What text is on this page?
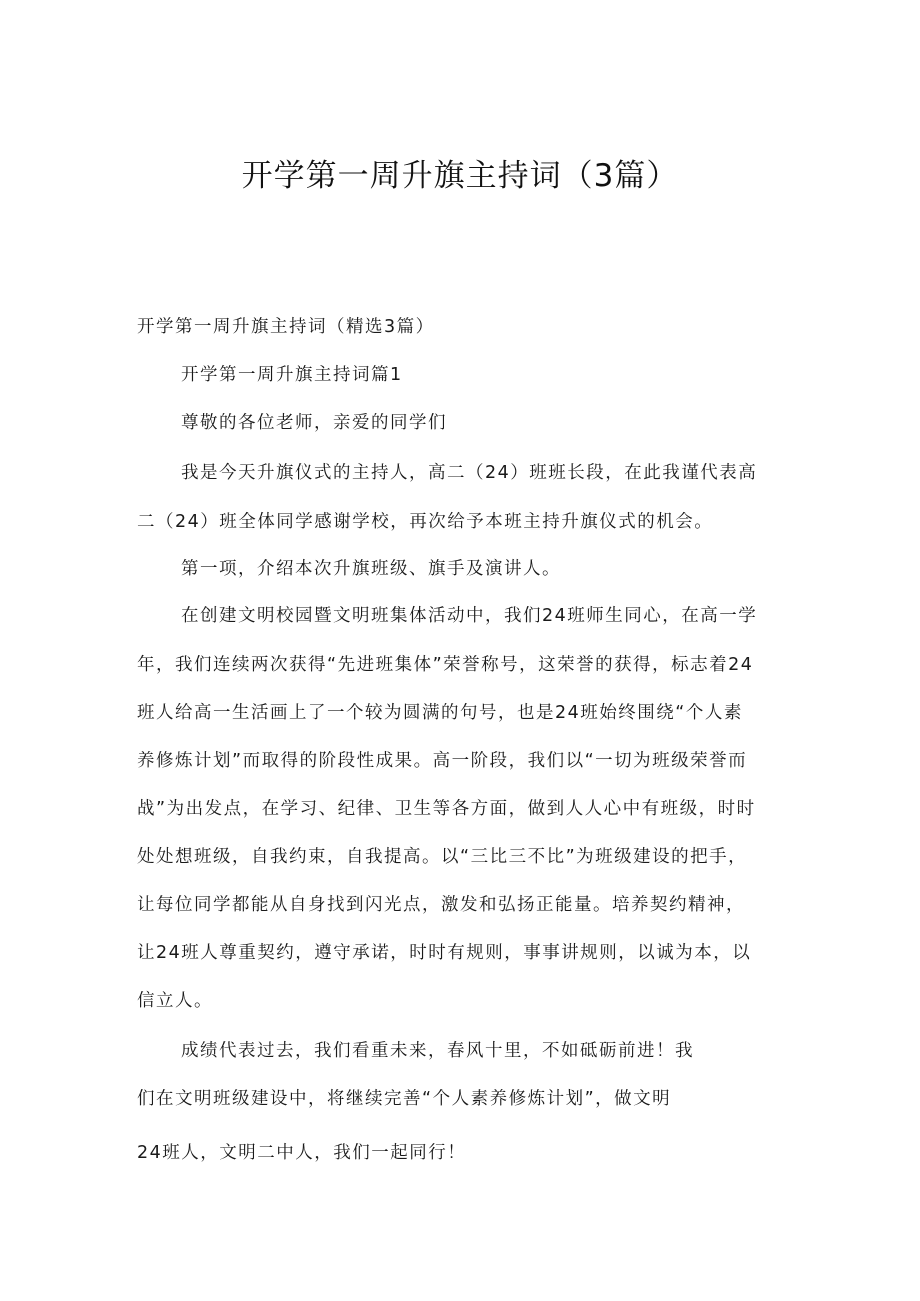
开学第一周升旗主持词（3篇）
开学第一周升旗主持词（精选3篇）
开学第一周升旗主持词篇1
尊敬的各位老师，亲爱的同学们
我是今天升旗仪式的主持人，高二（24）班班长段，在此我谨代表高
二（24）班全体同学感谢学校，再次给予本班主持升旗仪式的机会。
第一项，介绍本次升旗班级、旗手及演讲人。
在创建文明校园暨文明班集体活动中，我们24班师生同心，在高一学
年，我们连续两次获得“先进班集体”荣誉称号，这荣誉的获得，标志着24
班人给高一生活画上了一个较为圆满的句号，也是24班始终围绕“个人素
养修炼计划”而取得的阶段性成果。高一阶段，我们以“一切为班级荣誉而
战”为出发点，在学习、纪律、卫生等各方面，做到人人心中有班级，时时
处处想班级，自我约束，自我提高。以“三比三不比”为班级建设的把手，
让每位同学都能从自身找到闪光点，激发和弘扬正能量。培养契约精神，
让24班人尊重契约，遵守承诺，时时有规则，事事讲规则，以诚为本，以
信立人。
成绩代表过去，我们看重未来，春风十里，不如砥砺前进！我
们在文明班级建设中，将继续完善“个人素养修炼计划”，做文明
24班人，文明二中人，我们一起同行！
